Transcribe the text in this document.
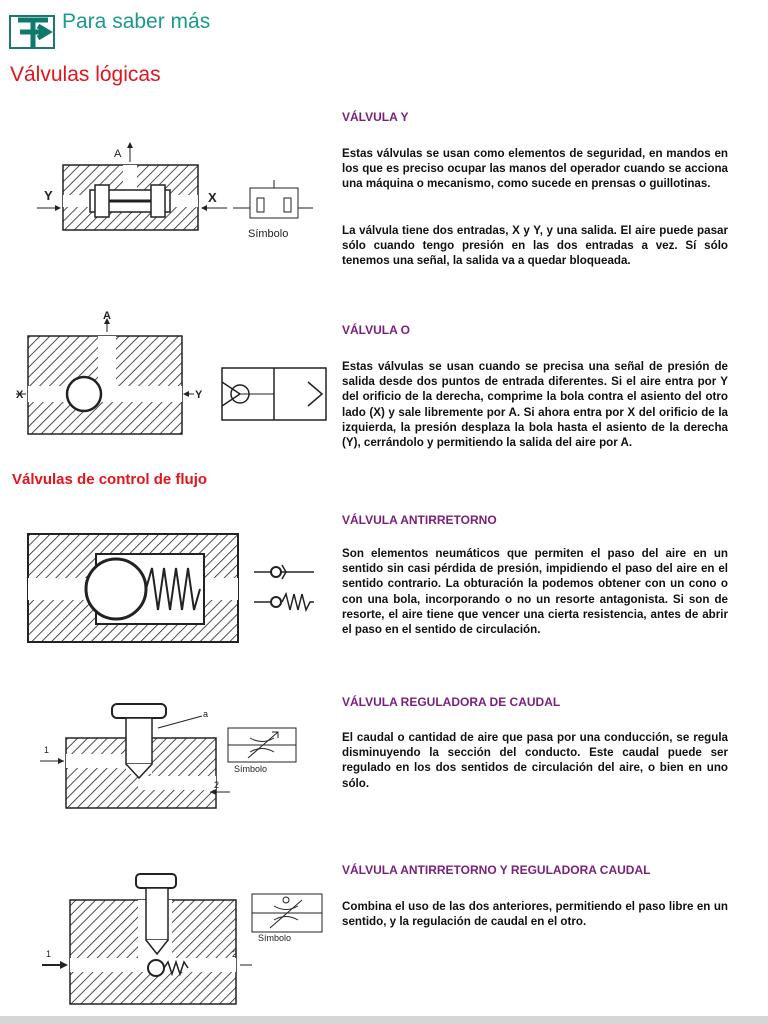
Para saber más
Válvulas lógicas
Válvulas de control de flujo
VÁLVULA Y
Estas válvulas se usan como elementos de seguridad, en mandos en los que es preciso ocupar las manos del operador cuando se acciona una máquina o mecanismo, como sucede en prensas o guillotinas.
La válvula tiene dos entradas, X y Y, y una salida. El aire puede pasar sólo cuando tengo presión en las dos entradas a vez. Sí sólo tenemos una señal, la salida va a quedar bloqueada.
A
Y	X
Símbolo
VÁLVULA O
Estas válvulas se usan cuando se precisa una señal de presión de salida desde dos puntos de entrada diferentes. Si el aire entra por Y del orificio de la derecha, comprime la bola contra el asiento del otro lado (X) y sale libremente por A. Si ahora entra por X del orificio de la izquierda, la presión desplaza la bola hasta el asiento de la derecha (Y), cerrándolo y permitiendo la salida del aire por A.
A
X	Y
VÁLVULA ANTIRRETORNO
Son elementos neumáticos que permiten el paso del aire en un sentido sin casi pérdida de presión, impidiendo el paso del aire en el sentido contrario. La obturación la podemos obtener con un cono o con una bola, incorporando o no un resorte antagonista. Si son de resorte, el aire tiene que vencer una cierta resistencia, antes de abrir el paso en el sentido de circulación.
VÁLVULA REGULADORA DE CAUDAL
El caudal o cantidad de aire que pasa por una conducción, se regula disminuyendo la sección del conducto. Este caudal puede ser regulado en los dos sentidos de circulación del aire, o bien en uno sólo.
a
1
2
Símbolo
VÁLVULA ANTIRRETORNO Y REGULADORA CAUDAL
Combina el uso de las dos anteriores, permitiendo el paso libre en un sentido, y la regulación de caudal en el otro.
1	2
Símbolo
